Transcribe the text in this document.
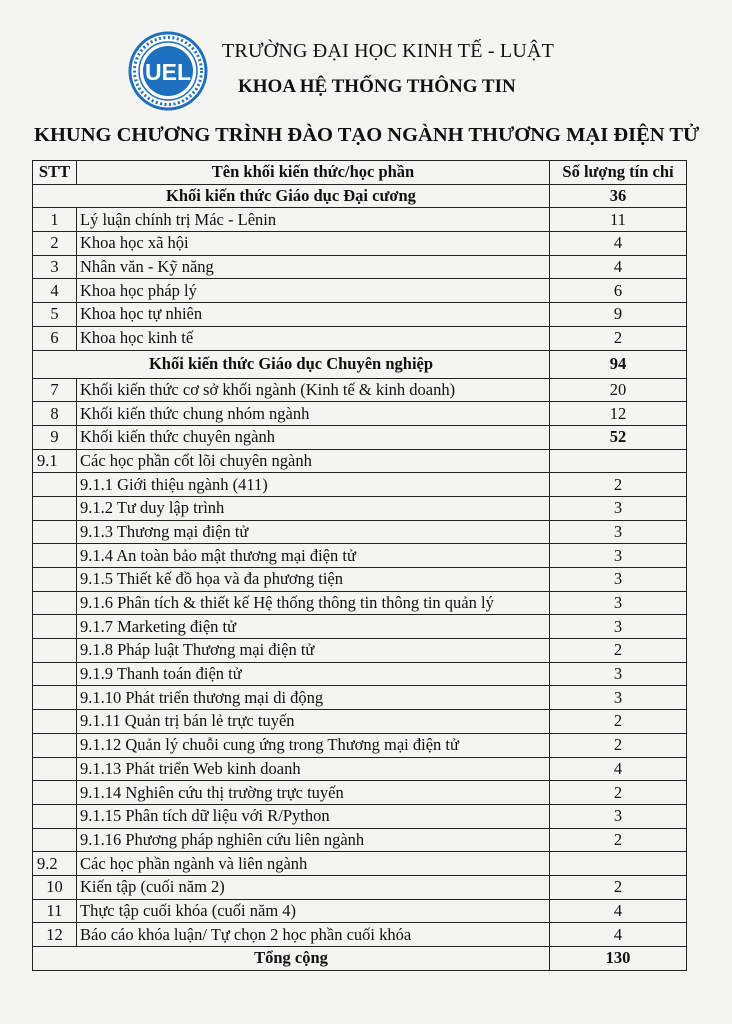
UEL
TRƯỜNG ĐẠI HỌC KINH TẾ - LUẬT
KHOA HỆ THỐNG THÔNG TIN
KHUNG CHƯƠNG TRÌNH ĐÀO TẠO NGÀNH THƯƠNG MẠI ĐIỆN TỬ
STT	Tên khối kiến thức/học phần	Số lượng tín chỉ
Khối kiến thức Giáo dục Đại cương		36
1	Lý luận chính trị Mác - Lênin	11
2	Khoa học xã hội	4
3	Nhân văn - Kỹ năng	4
4	Khoa học pháp lý	6
5	Khoa học tự nhiên	9
6	Khoa học kinh tế	2
Khối kiến thức Giáo dục Chuyên nghiệp		94
7	Khối kiến thức cơ sở khối ngành (Kinh tế & kinh doanh)	20
8	Khối kiến thức chung nhóm ngành	12
9	Khối kiến thức chuyên ngành	52
9.1	Các học phần cốt lõi chuyên ngành	
	9.1.1 Giới thiệu ngành (411)	2
	9.1.2 Tư duy lập trình	3
	9.1.3 Thương mại điện tử	3
	9.1.4 An toàn bảo mật thương mại điện tử	3
	9.1.5 Thiết kế đồ họa và đa phương tiện	3
	9.1.6 Phân tích & thiết kế Hệ thống thông tin thông tin quản lý	3
	9.1.7 Marketing điện tử	3
	9.1.8 Pháp luật Thương mại điện tử	2
	9.1.9 Thanh toán điện tử	3
	9.1.10 Phát triển thương mại di động	3
	9.1.11 Quản trị bán lẻ trực tuyến	2
	9.1.12 Quản lý chuỗi cung ứng trong Thương mại điện tử	2
	9.1.13 Phát triển Web kinh doanh	4
	9.1.14 Nghiên cứu thị trường trực tuyến	2
	9.1.15 Phân tích dữ liệu với R/Python	3
	9.1.16 Phương pháp nghiên cứu liên ngành	2
9.2	Các học phần ngành và liên ngành	
10	Kiến tập (cuối năm 2)	2
11	Thực tập cuối khóa (cuối năm 4)	4
12	Báo cáo khóa luận/ Tự chọn 2 học phần cuối khóa	4
Tổng cộng		130
